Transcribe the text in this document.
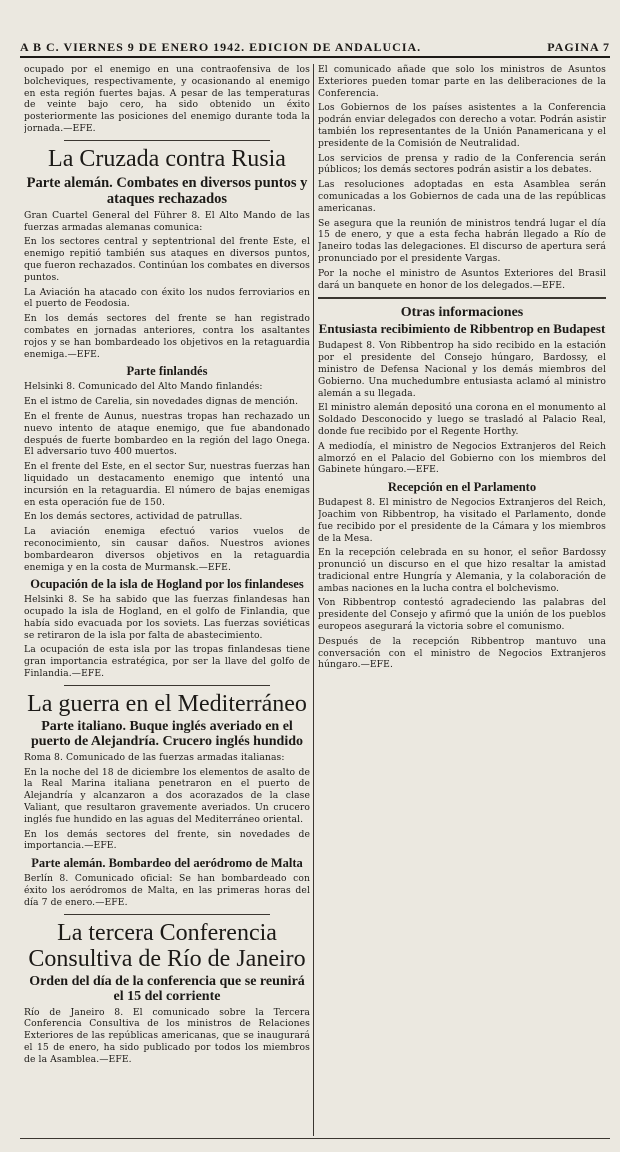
A B C. VIERNES 9 DE ENERO 1942. EDICION DE ANDALUCIA.	PAGINA 7

ocupado por el enemigo en una contraofensiva de los bolcheviques, respectivamente, y ocasionando al enemigo en esta región fuertes bajas. A pesar de las temperaturas de veinte bajo cero, ha sido obtenido un éxito posteriormente las posiciones del enemigo durante toda la jornada.—EFE.

La Cruzada contra Rusia
Parte alemán. Combates en diversos puntos y ataques rechazados

Gran Cuartel General del Führer 8. El Alto Mando de las fuerzas armadas alemanas comunica:

En los sectores central y septentrional del frente Este, el enemigo repitió también sus ataques en diversos puntos, que fueron rechazados. Continúan los combates en diversos puntos.

La Aviación ha atacado con éxito los nudos ferroviarios en el puerto de Feodosia.

En los demás sectores del frente se han registrado combates en jornadas anteriores, contra los asaltantes rojos y se han bombardeado los objetivos en la retaguardia enemiga.—EFE.

Parte finlandés

Helsinki 8. Comunicado del Alto Mando finlandés:

En el istmo de Carelia, sin novedades dignas de mención.

En el frente de Aunus, nuestras tropas han rechazado un nuevo intento de ataque enemigo, que fue abandonado después de fuerte bombardeo en la región del lago Onega. El adversario tuvo 400 muertos.

En el frente del Este, en el sector Sur, nuestras fuerzas han liquidado un destacamento enemigo que intentó una incursión en la retaguardia. El número de bajas enemigas en esta operación fue de 150.

En los demás sectores, actividad de patrullas.

La aviación enemiga efectuó varios vuelos de reconocimiento, sin causar daños. Nuestros aviones bombardearon diversos objetivos en la retaguardia enemiga y en la costa de Murmansk.—EFE.

Ocupación de la isla de Hogland por los finlandeses

Helsinki 8. Se ha sabido que las fuerzas finlandesas han ocupado la isla de Hogland, en el golfo de Finlandia, que había sido evacuada por los soviets. Las fuerzas soviéticas se retiraron de la isla por falta de abastecimiento.

La ocupación de esta isla por las tropas finlandesas tiene gran importancia estratégica, por ser la llave del golfo de Finlandia.—EFE.

La guerra en el Mediterráneo
Parte italiano. Buque inglés averiado en el puerto de Alejandría. Crucero inglés hundido

Roma 8. Comunicado de las fuerzas armadas italianas:

En la noche del 18 de diciembre los elementos de asalto de la Real Marina italiana penetraron en el puerto de Alejandría y alcanzaron a dos acorazados de la clase Valiant, que resultaron gravemente averiados. Un crucero inglés fue hundido en las aguas del Mediterráneo oriental.

En los demás sectores del frente, sin novedades de importancia.—EFE.

Parte alemán. Bombardeo del aeródromo de Malta

Berlín 8. Comunicado oficial: Se han bombardeado con éxito los aeródromos de Malta, en las primeras horas del día 7 de enero.—EFE.

La tercera Conferencia Consultiva de Río de Janeiro
Orden del día de la conferencia que se reunirá el 15 del corriente

Río de Janeiro 8. El comunicado sobre la Tercera Conferencia Consultiva de los ministros de Relaciones Exteriores de las repúblicas americanas, que se inaugurará el 15 de enero, ha sido publicado por todos los miembros de la Asamblea.—EFE.

El comunicado añade que solo los ministros de Asuntos Exteriores pueden tomar parte en las deliberaciones de la Conferencia.

Los Gobiernos de los países asistentes a la Conferencia podrán enviar delegados con derecho a votar. Podrán asistir también los representantes de la Unión Panamericana y el presidente de la Comisión de Neutralidad.

Los servicios de prensa y radio de la Conferencia serán públicos; los demás sectores podrán asistir a los debates.

Las resoluciones adoptadas en esta Asamblea serán comunicadas a los Gobiernos de cada una de las repúblicas americanas.

Se asegura que la reunión de ministros tendrá lugar el día 15 de enero, y que a esta fecha habrán llegado a Río de Janeiro todas las delegaciones. El discurso de apertura será pronunciado por el presidente Vargas.

Por la noche el ministro de Asuntos Exteriores del Brasil dará un banquete en honor de los delegados.—EFE.

Otras informaciones
Entusiasta recibimiento de Ribbentrop en Budapest

Budapest 8. Von Ribbentrop ha sido recibido en la estación por el presidente del Consejo húngaro, Bardossy, el ministro de Defensa Nacional y los demás miembros del Gobierno. Una muchedumbre entusiasta aclamó al ministro alemán a su llegada.

El ministro alemán depositó una corona en el monumento al Soldado Desconocido y luego se trasladó al Palacio Real, donde fue recibido por el Regente Horthy.

A mediodía, el ministro de Negocios Extranjeros del Reich almorzó en el Palacio del Gobierno con los miembros del Gabinete húngaro.—EFE.

Recepción en el Parlamento

Budapest 8. El ministro de Negocios Extranjeros del Reich, Joachim von Ribbentrop, ha visitado el Parlamento, donde fue recibido por el presidente de la Cámara y los miembros de la Mesa.

En la recepción celebrada en su honor, el señor Bardossy pronunció un discurso en el que hizo resaltar la amistad tradicional entre Hungría y Alemania, y la colaboración de ambas naciones en la lucha contra el bolchevismo.

Von Ribbentrop contestó agradeciendo las palabras del presidente del Consejo y afirmó que la unión de los pueblos europeos asegurará la victoria sobre el comunismo.

Después de la recepción Ribbentrop mantuvo una conversación con el ministro de Negocios Extranjeros húngaro.—EFE.
